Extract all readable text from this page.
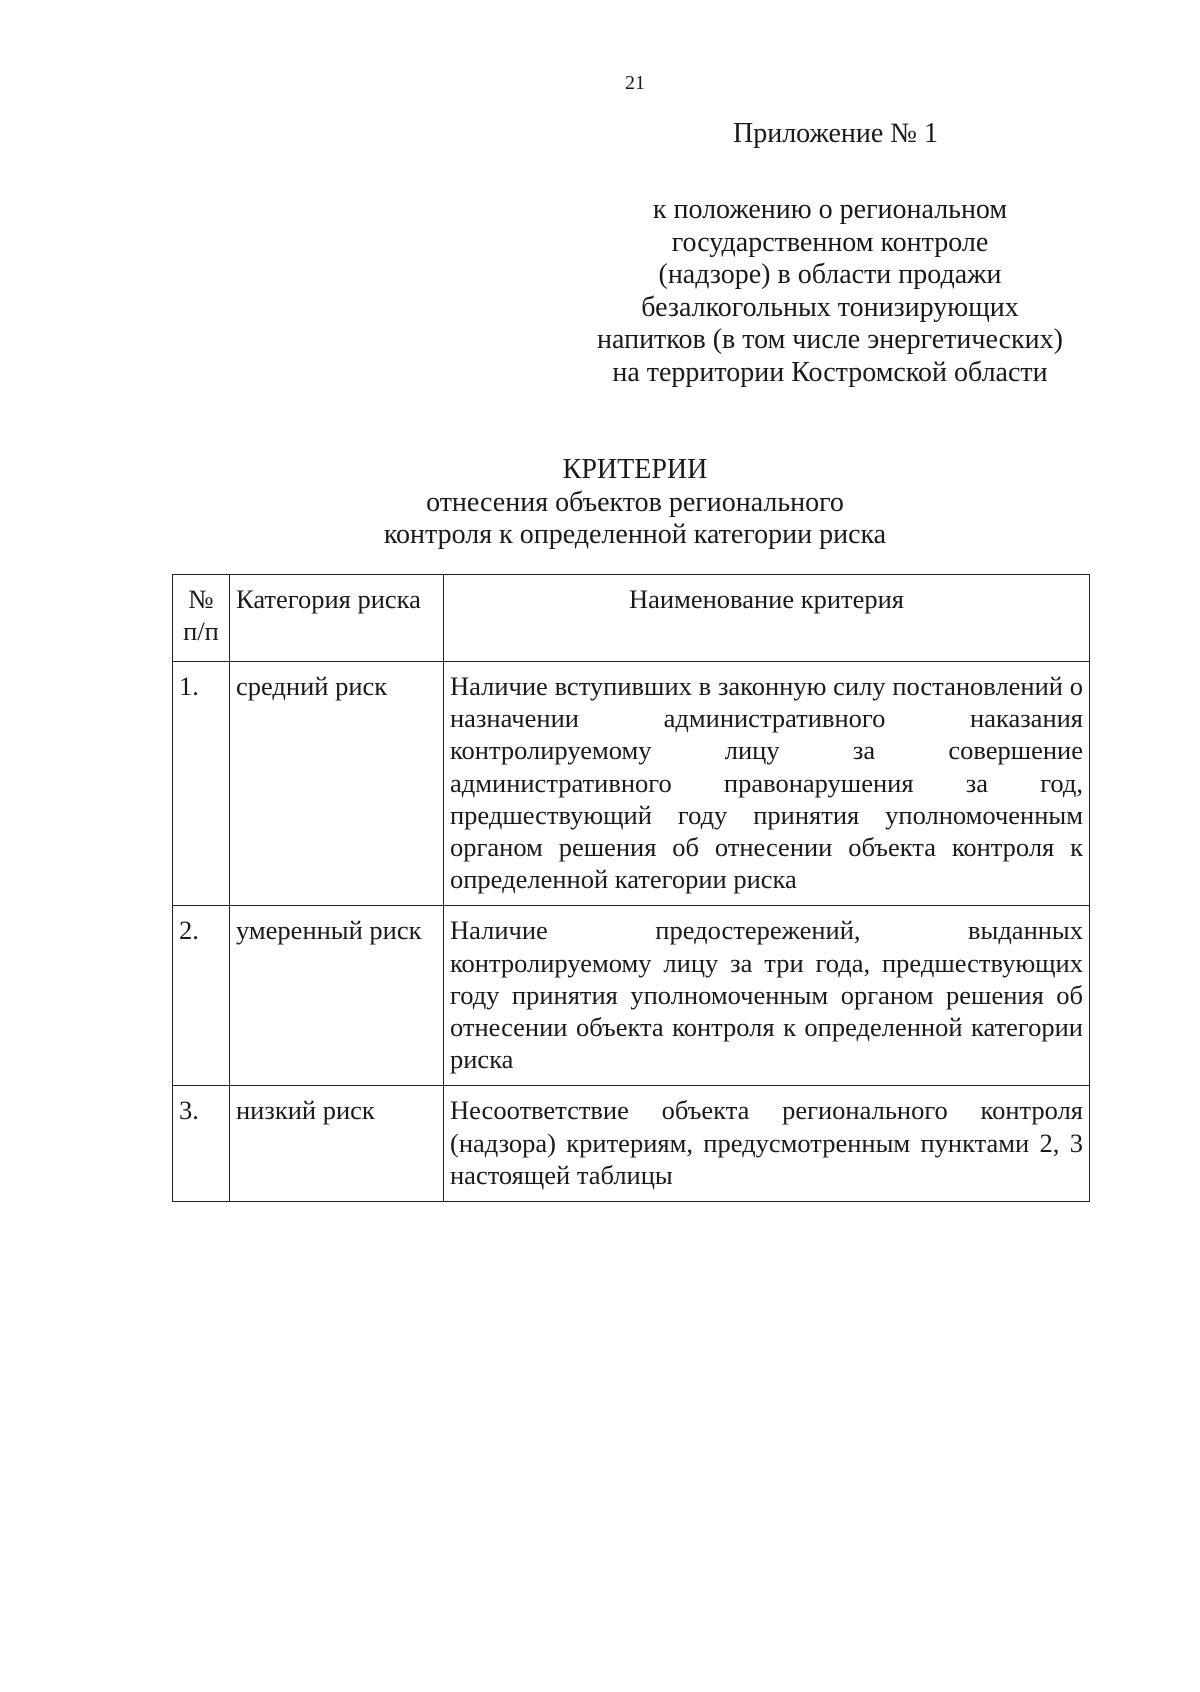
21
Приложение № 1
к положению о региональном
государственном контроле
(надзоре) в области продажи
безалкогольных тонизирующих
напитков (в том числе энергетических)
на территории Костромской области
КРИТЕРИИ
отнесения объектов регионального
контроля к определенной категории риска
№ п/п	Категория риска	Наименование критерия
1.	средний риск	Наличие вступивших в законную силу постановлений о назначении административного наказания контролируемому лицу за совершение административного правонарушения за год, предшествующий году принятия уполномоченным органом решения об отнесении объекта контроля к определенной категории риска
2.	умеренный риск	Наличие предостережений, выданных контролируемому лицу за три года, предшествующих году принятия уполномоченным органом решения об отнесении объекта контроля к определенной категории риска
3.	низкий риск	Несоответствие объекта регионального контроля (надзора) критериям, предусмотренным пунктами 2, 3 настоящей таблицы
